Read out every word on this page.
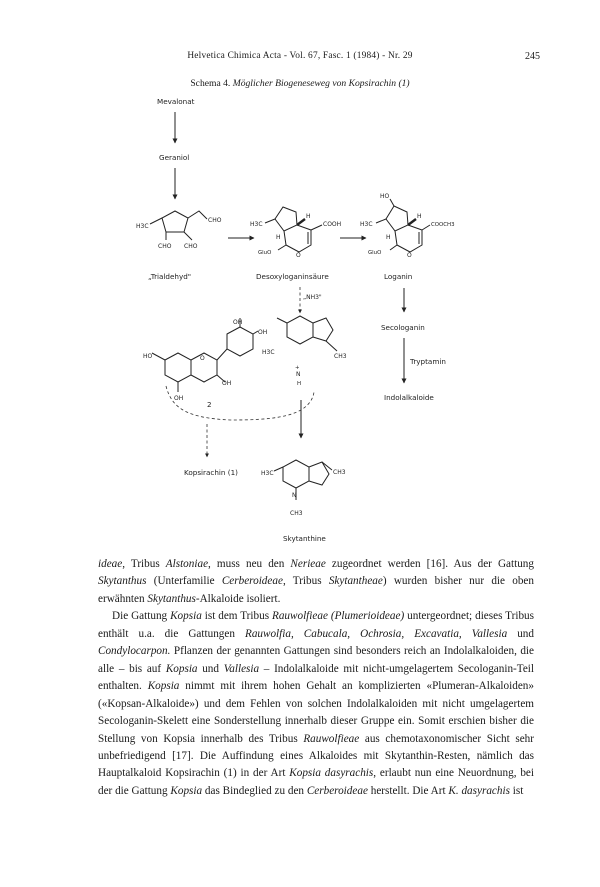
Helvetica Chimica Acta - Vol. 67, Fasc. 1 (1984) - Nr. 29	245
Schema 4. Möglicher Biogeneseweg von Kopsirachin (1)
Mevalonat
Geraniol
H3C
CHO
CHO CHO
„Trialdehyd"
H3C
H
COOH
H
O
GluO
Desoxyloganinsäure
HO
H3C
H
COOCH3
H
O
GluO
Loganin
Secologanin
Tryptamin
Indolalkaloide
„NH3"
H3C
CH3
N
+
H
OH
OH
HO	O
OH
OH
2
Kopsirachin (1)	H3C	CH3
N
CH3
Skytanthine

ideae, Tribus Alstoniae, muss neu den Nerieae zugeordnet werden [16]. Aus der Gattung Skytanthus (Unterfamilie Cerberoideae, Tribus Skytantheae) wurden bisher nur die oben erwähnten Skytanthus-Alkaloide isoliert.

Die Gattung Kopsia ist dem Tribus Rauwolfieae (Plumerioideae) untergeordnet; dieses Tribus enthält u.a. die Gattungen Rauwolfia, Cabucala, Ochrosia, Excavatia, Vallesia und Condylocarpon. Pflanzen der genannten Gattungen sind besonders reich an Indolalkaloiden, die alle – bis auf Kopsia und Vallesia – Indolalkaloide mit nicht-umgelagertem Secologanin-Teil enthalten. Kopsia nimmt mit ihrem hohen Gehalt an komplizierten «Plumeran-Alkaloiden» («Kopsan-Alkaloide») und dem Fehlen von solchen Indolalkaloiden mit nicht umgelagertem Secologanin-Skelett eine Sonderstellung innerhalb dieser Gruppe ein. Somit erschien bisher die Stellung von Kopsia innerhalb des Tribus Rauwolfieae aus chemotaxonomischer Sicht sehr unbefriedigend [17]. Die Auffindung eines Alkaloides mit Skytanthin-Resten, nämlich das Hauptalkaloid Kopsirachin (1) in der Art Kopsia dasyrachis, erlaubt nun eine Neuordnung, bei der die Gattung Kopsia das Bindeglied zu den Cerberoideae herstellt. Die Art K. dasyrachis ist
